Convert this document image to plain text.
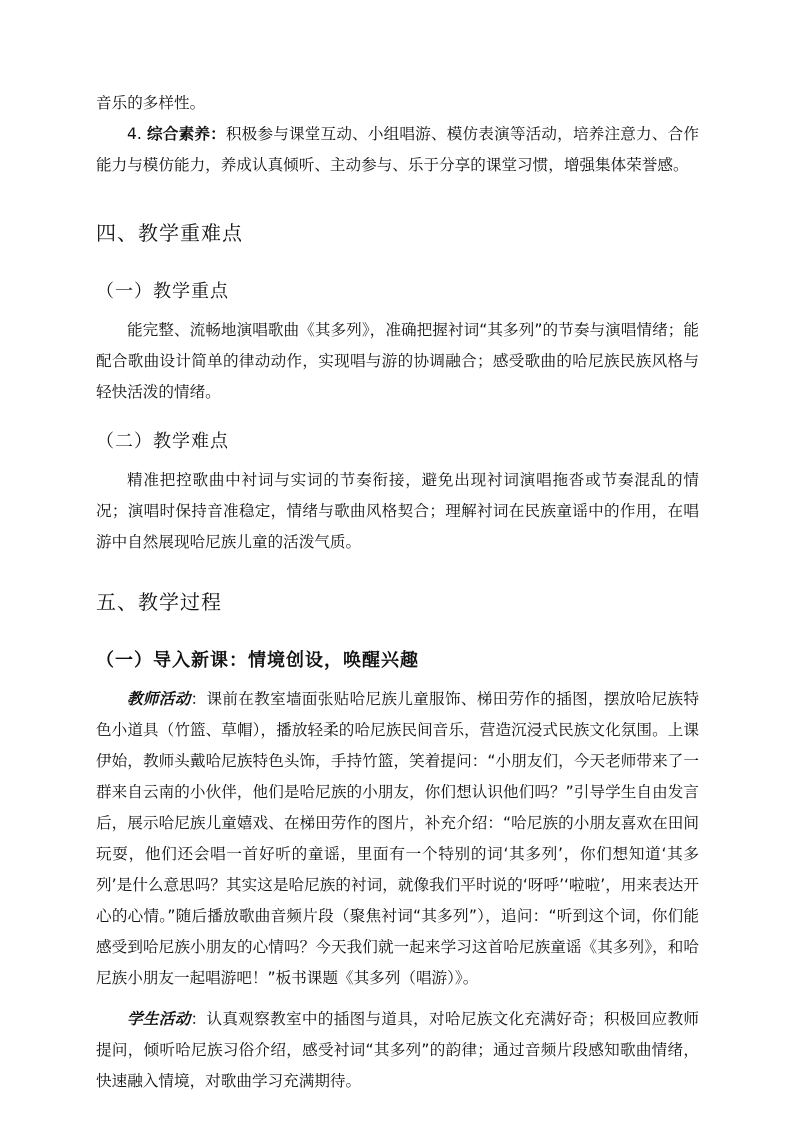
音乐的多样性。

4. 综合素养：积极参与课堂互动、小组唱游、模仿表演等活动，培养注意力、合作能力与模仿能力，养成认真倾听、主动参与、乐于分享的课堂习惯，增强集体荣誉感。

四、教学重难点
（一）教学重点

能完整、流畅地演唱歌曲《其多列》，准确把握衬词“其多列”的节奏与演唱情绪；能配合歌曲设计简单的律动动作，实现唱与游的协调融合；感受歌曲的哈尼族民族风格与轻快活泼的情绪。

（二）教学难点

精准把控歌曲中衬词与实词的节奏衔接，避免出现衬词演唱拖沓或节奏混乱的情况；演唱时保持音准稳定，情绪与歌曲风格契合；理解衬词在民族童谣中的作用，在唱游中自然展现哈尼族儿童的活泼气质。

五、教学过程
（一）导入新课：情境创设，唤醒兴趣

教师活动：课前在教室墙面张贴哈尼族儿童服饰、梯田劳作的插图，摆放哈尼族特色小道具（竹篮、草帽），播放轻柔的哈尼族民间音乐，营造沉浸式民族文化氛围。上课伊始，教师头戴哈尼族特色头饰，手持竹篮，笑着提问：“小朋友们，今天老师带来了一群来自云南的小伙伴，他们是哈尼族的小朋友，你们想认识他们吗？”引导学生自由发言后，展示哈尼族儿童嬉戏、在梯田劳作的图片，补充介绍：“哈尼族的小朋友喜欢在田间玩耍，他们还会唱一首好听的童谣，里面有一个特别的词‘其多列’，你们想知道‘其多列’是什么意思吗？其实这是哈尼族的衬词，就像我们平时说的‘呀呼’‘啦啦’，用来表达开心的心情。”随后播放歌曲音频片段（聚焦衬词“其多列”），追问：“听到这个词，你们能感受到哈尼族小朋友的心情吗？今天我们就一起来学习这首哈尼族童谣《其多列》，和哈尼族小朋友一起唱游吧！”板书课题《其多列（唱游）》。

学生活动：认真观察教室中的插图与道具，对哈尼族文化充满好奇；积极回应教师提问，倾听哈尼族习俗介绍，感受衬词“其多列”的韵律；通过音频片段感知歌曲情绪，快速融入情境，对歌曲学习充满期待。
